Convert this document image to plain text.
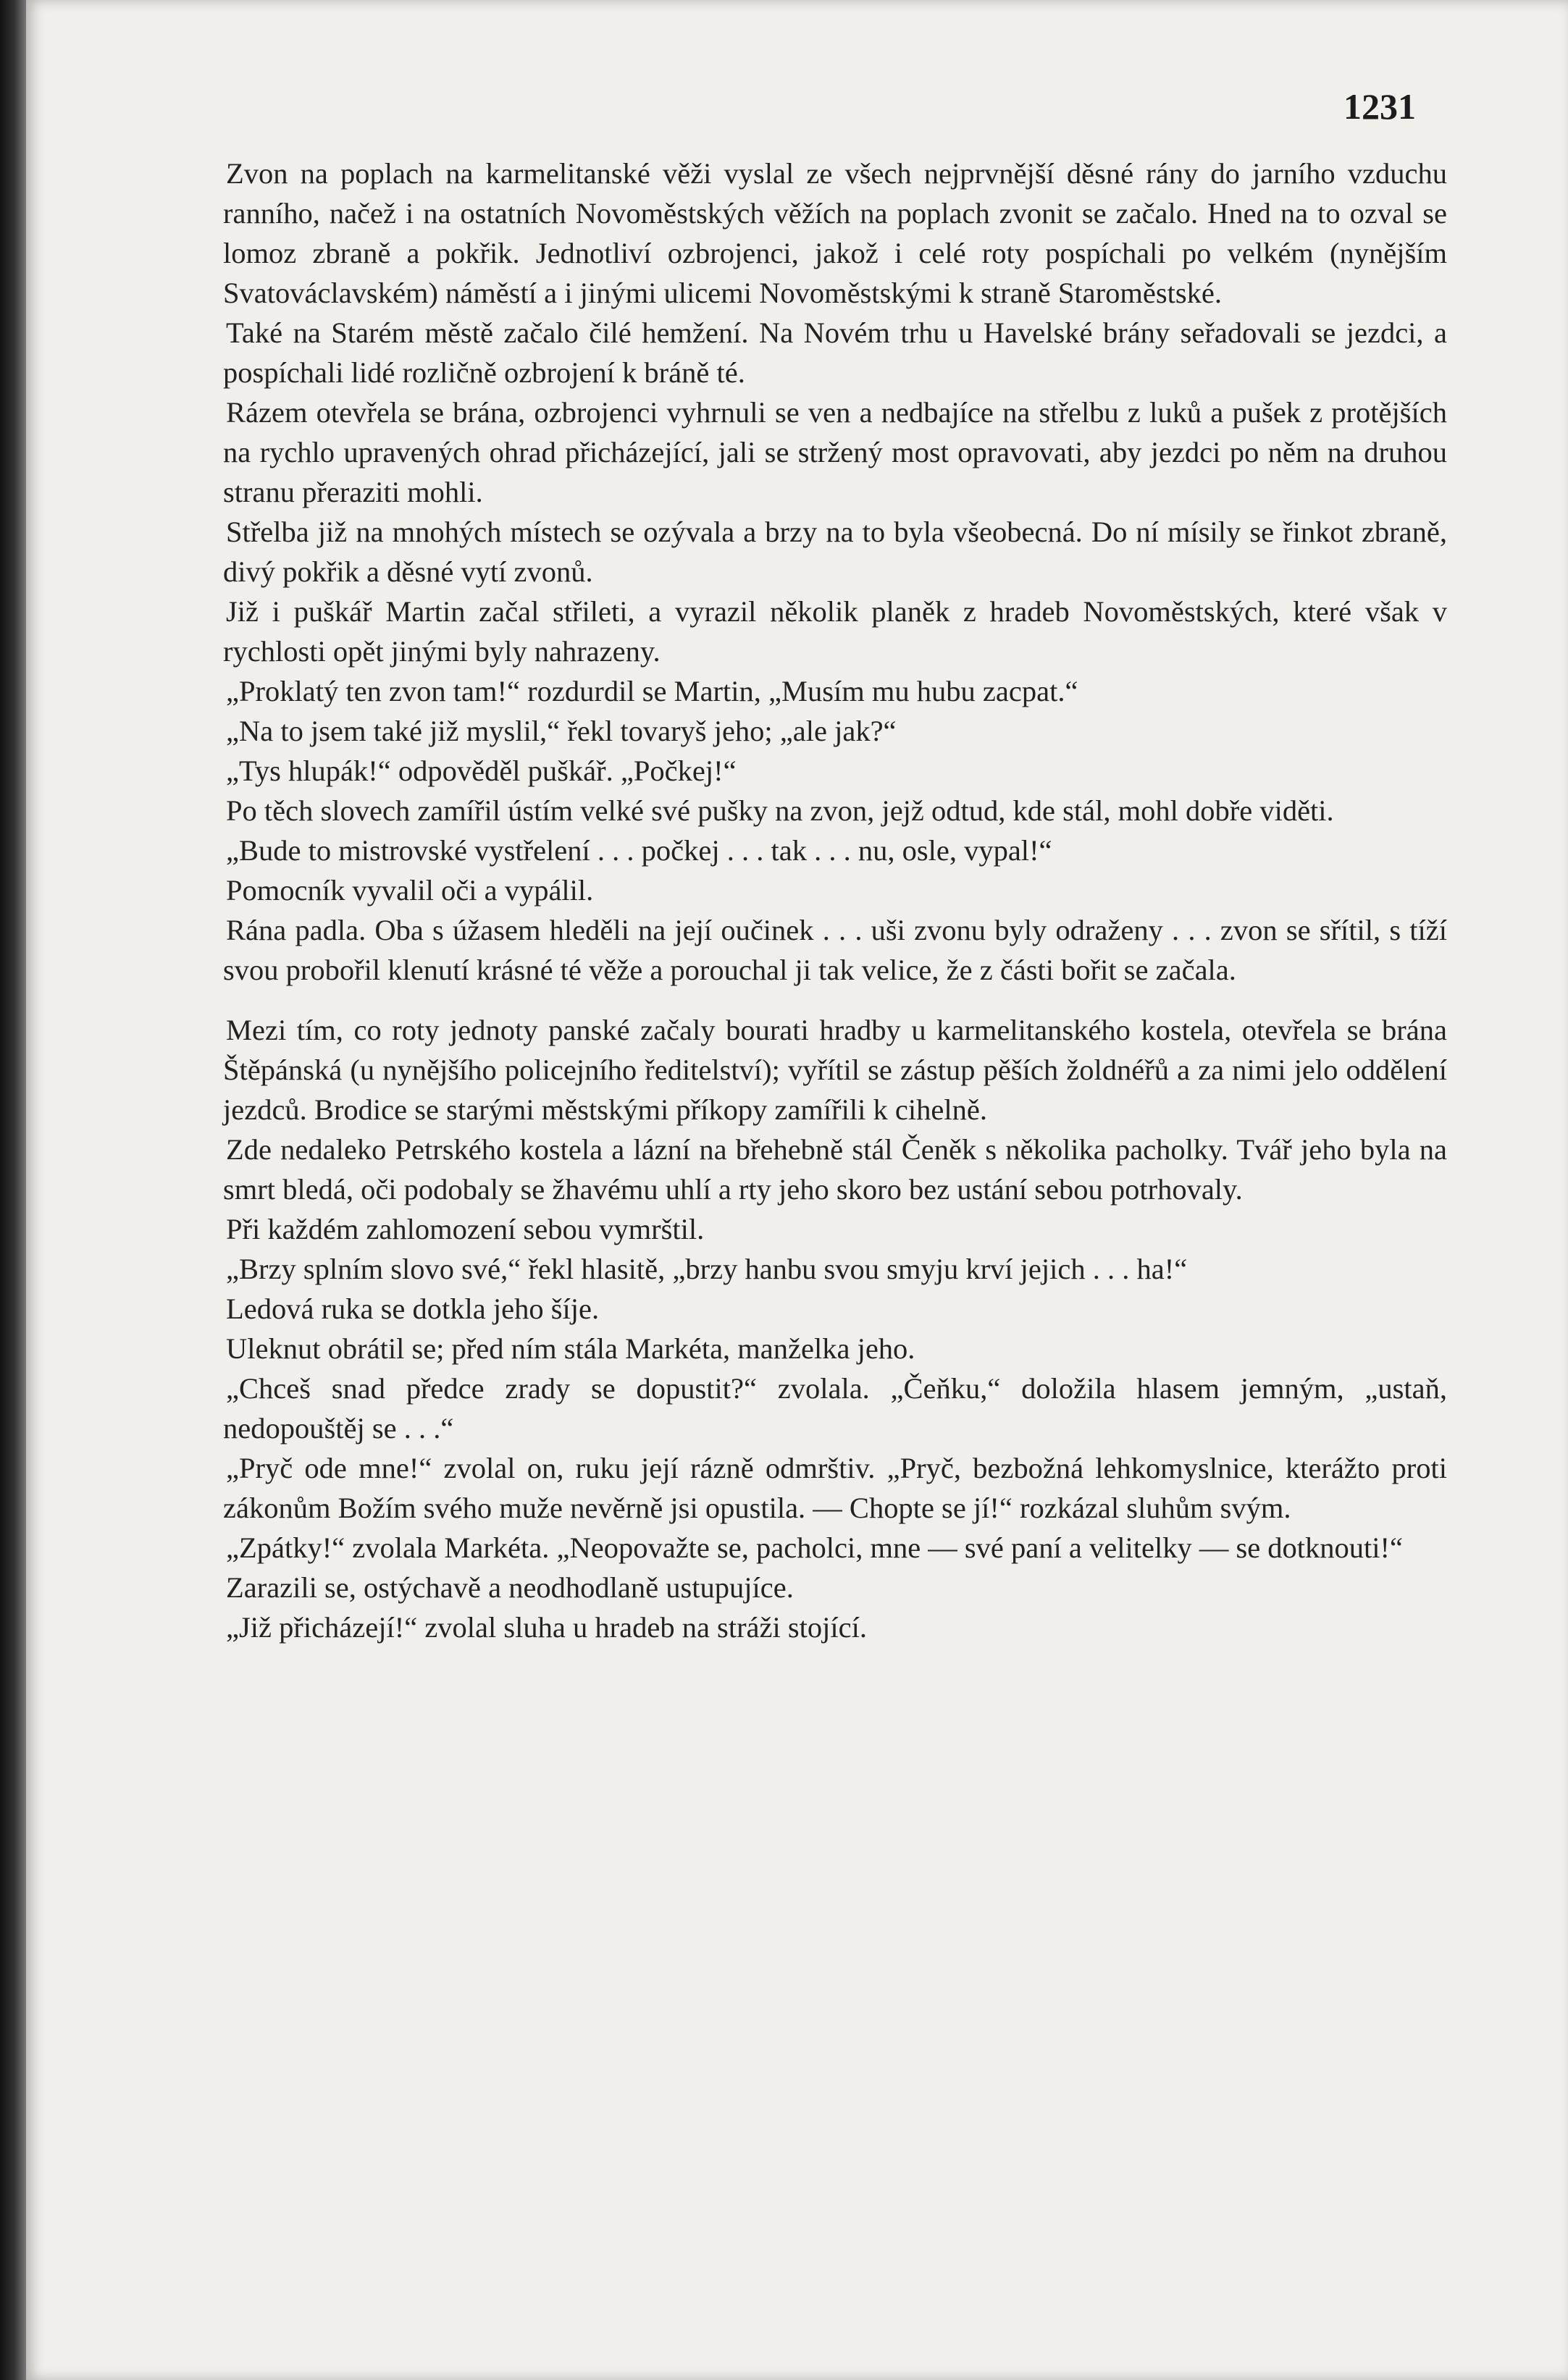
1231

Zvon na poplach na karmelitanské věži vyslal ze všech nejprvnější děsné rány do jarního vzduchu ranního, načež i na ostatních Novoměstských věžích na poplach zvonit se začalo. Hned na to ozval se lomoz zbraně a pokřik. Jednotliví ozbrojenci, jakož i celé roty pospíchali po velkém (nynějším Svatováclavském) náměstí a i jinými ulicemi Novoměstskými k straně Staroměstské.

Také na Starém městě začalo čilé hemžení. Na Novém trhu u Havelské brány seřadovali se jezdci, a pospíchali lidé rozličně ozbrojení k bráně té.

Rázem otevřela se brána, ozbrojenci vyhrnuli se ven a nedbajíce na střelbu z luků a pušek z protějších na rychlo upravených ohrad přicházející, jali se stržený most opravovati, aby jezdci po něm na druhou stranu přeraziti mohli.

Střelba již na mnohých místech se ozývala a brzy na to byla všeobecná. Do ní mísily se řinkot zbraně, divý pokřik a děsné vytí zvonů.

Již i puškář Martin začal střileti, a vyrazil několik planěk z hradeb Novoměstských, které však v rychlosti opět jinými byly nahrazeny.

„Proklatý ten zvon tam!“ rozdurdil se Martin, „Musím mu hubu zacpat.“

„Na to jsem také již myslil,“ řekl tovaryš jeho; „ale jak?“

„Tys hlupák!“ odpověděl puškář. „Počkej!“

Po těch slovech zamířil ústím velké své pušky na zvon, jejž odtud, kde stál, mohl dobře viděti.

„Bude to mistrovské vystřelení . . . počkej . . . tak . . . nu, osle, vypal!“

Pomocník vyvalil oči a vypálil.

Rána padla. Oba s úžasem hleděli na její oučinek . . . uši zvonu byly odraženy . . . zvon se sřítil, s tíží svou probořil klenutí krásné té věže a porouchal ji tak velice, že z části bořit se začala.

Mezi tím, co roty jednoty panské začaly bourati hradby u karmelitanského kostela, otevřela se brána Štěpánská (u nynějšího policejního ředitelství); vyřítil se zástup pěších žoldnéřů a za nimi jelo oddělení jezdců. Brodice se starými městskými příkopy zamířili k cihelně.

Zde nedaleko Petrského kostela a lázní na břehebně stál Čeněk s několika pacholky. Tvář jeho byla na smrt bledá, oči podobaly se žhavému uhlí a rty jeho skoro bez ustání sebou potrhovaly.

Při každém zahlomození sebou vymrštil.

„Brzy splním slovo své,“ řekl hlasitě, „brzy hanbu svou smyju krví jejich . . . ha!“

Ledová ruka se dotkla jeho šíje.

Uleknut obrátil se; před ním stála Markéta, manželka jeho.

„Chceš snad předce zrady se dopustit?“ zvolala. „Čeňku,“ doložila hlasem jemným, „ustaň, nedopouštěj se . . .“

„Pryč ode mne!“ zvolal on, ruku její rázně odmrštiv. „Pryč, bezbožná lehkomyslnice, kterážto proti zákonům Božím svého muže nevěrně jsi opustila. — Chopte se jí!“ rozkázal sluhům svým.

„Zpátky!“ zvolala Markéta. „Neopovažte se, pacholci, mne — své paní a velitelky — se dotknouti!“

Zarazili se, ostýchavě a neodhodlaně ustupujíce.

„Již přicházejí!“ zvolal sluha u hradeb na stráži stojící.
